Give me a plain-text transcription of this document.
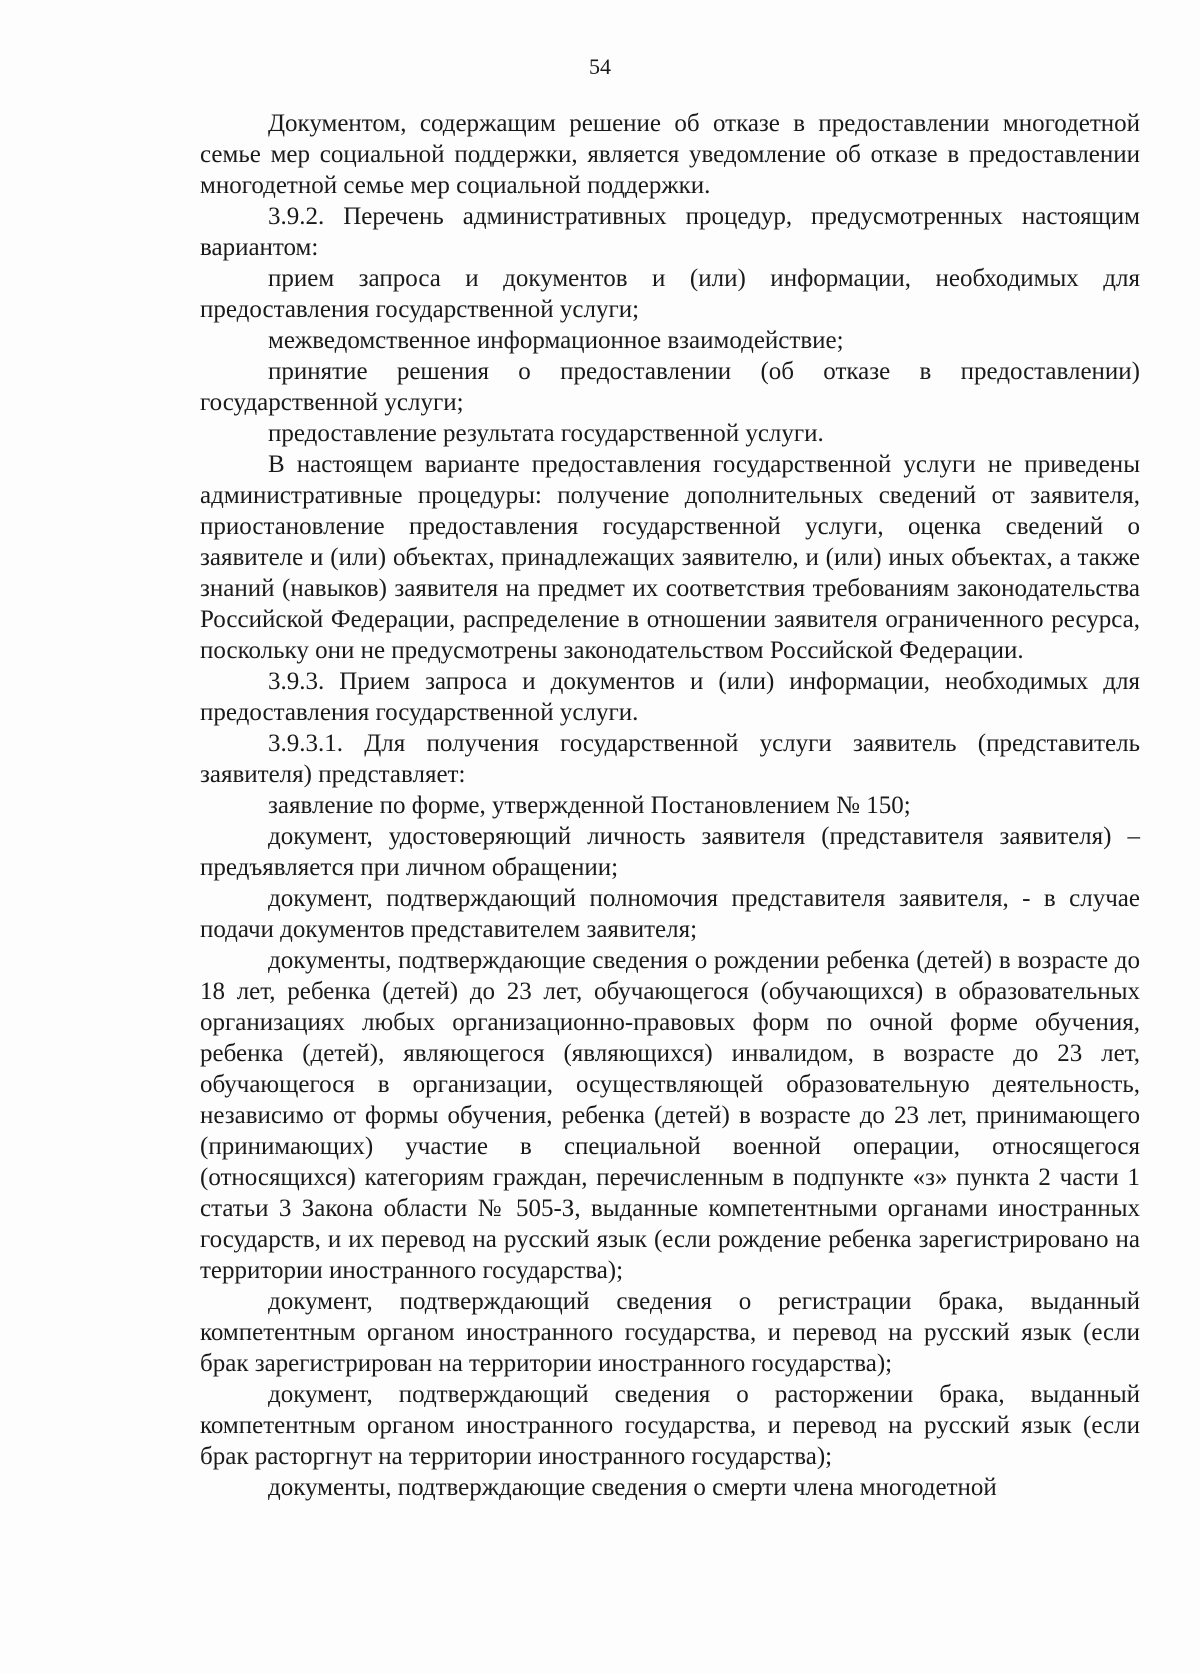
54

Документом, содержащим решение об отказе в предоставлении многодетной семье мер социальной поддержки, является уведомление об отказе в предоставлении многодетной семье мер социальной поддержки.

3.9.2. Перечень административных процедур, предусмотренных настоящим вариантом:

прием запроса и документов и (или) информации, необходимых для предоставления государственной услуги;

межведомственное информационное взаимодействие;

принятие решения о предоставлении (об отказе в предоставлении) государственной услуги;

предоставление результата государственной услуги.

В настоящем варианте предоставления государственной услуги не приведены административные процедуры: получение дополнительных сведений от заявителя, приостановление предоставления государственной услуги, оценка сведений о заявителе и (или) объектах, принадлежащих заявителю, и (или) иных объектах, а также знаний (навыков) заявителя на предмет их соответствия требованиям законодательства Российской Федерации, распределение в отношении заявителя ограниченного ресурса, поскольку они не предусмотрены законодательством Российской Федерации.

3.9.3. Прием запроса и документов и (или) информации, необходимых для предоставления государственной услуги.

3.9.3.1. Для получения государственной услуги заявитель (представитель заявителя) представляет:

заявление по форме, утвержденной Постановлением № 150;

документ, удостоверяющий личность заявителя (представителя заявителя) – предъявляется при личном обращении;

документ, подтверждающий полномочия представителя заявителя, - в случае подачи документов представителем заявителя;

документы, подтверждающие сведения о рождении ребенка (детей) в возрасте до 18 лет, ребенка (детей) до 23 лет, обучающегося (обучающихся) в образовательных организациях любых организационно-правовых форм по очной форме обучения, ребенка (детей), являющегося (являющихся) инвалидом, в возрасте до 23 лет, обучающегося в организации, осуществляющей образовательную деятельность, независимо от формы обучения, ребенка (детей) в возрасте до 23 лет, принимающего (принимающих) участие в специальной военной операции, относящегося (относящихся) категориям граждан, перечисленным в подпункте «з» пункта 2 части 1 статьи 3 Закона области № 505-З, выданные компетентными органами иностранных государств, и их перевод на русский язык (если рождение ребенка зарегистрировано на территории иностранного государства);

документ, подтверждающий сведения о регистрации брака, выданный компетентным органом иностранного государства, и перевод на русский язык (если брак зарегистрирован на территории иностранного государства);

документ, подтверждающий сведения о расторжении брака, выданный компетентным органом иностранного государства, и перевод на русский язык (если брак расторгнут на территории иностранного государства);

документы, подтверждающие сведения о смерти члена многодетной
